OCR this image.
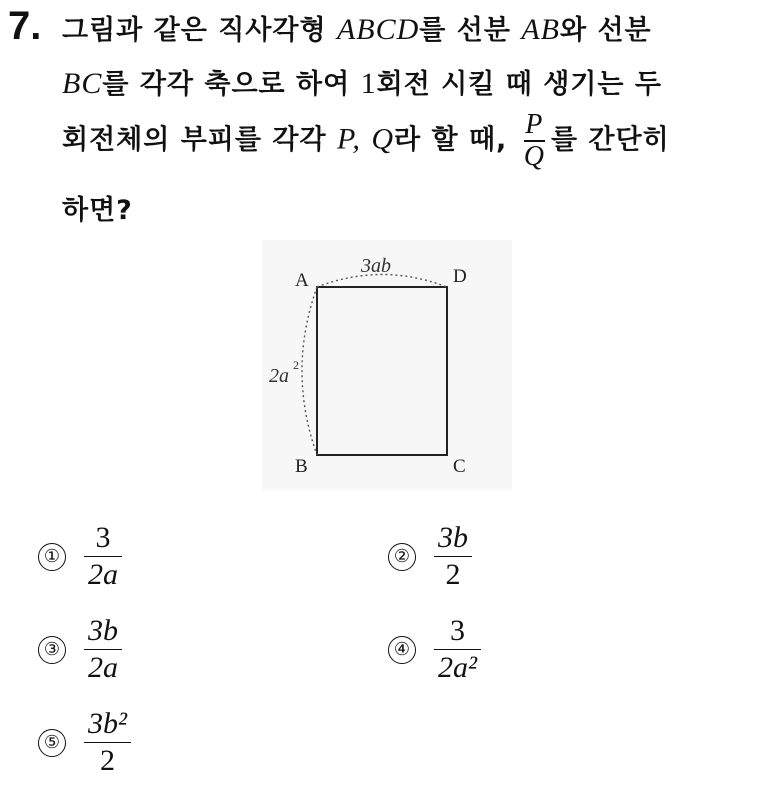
7. 그림과 같은 직사각형 ABCD를 선분 AB와 선분
BC를 각각 축으로 하여 1회전 시킬 때 생기는 두
회전체의 부피를 각각 P, Q라 할 때, $\frac{P}{Q}$ 를 간단히
하면?
A	D
B	C
3ab
2a 2
①
3
2a
②
3b
2
③
3b
2a
④
3
2a²
⑤
3b²
2
